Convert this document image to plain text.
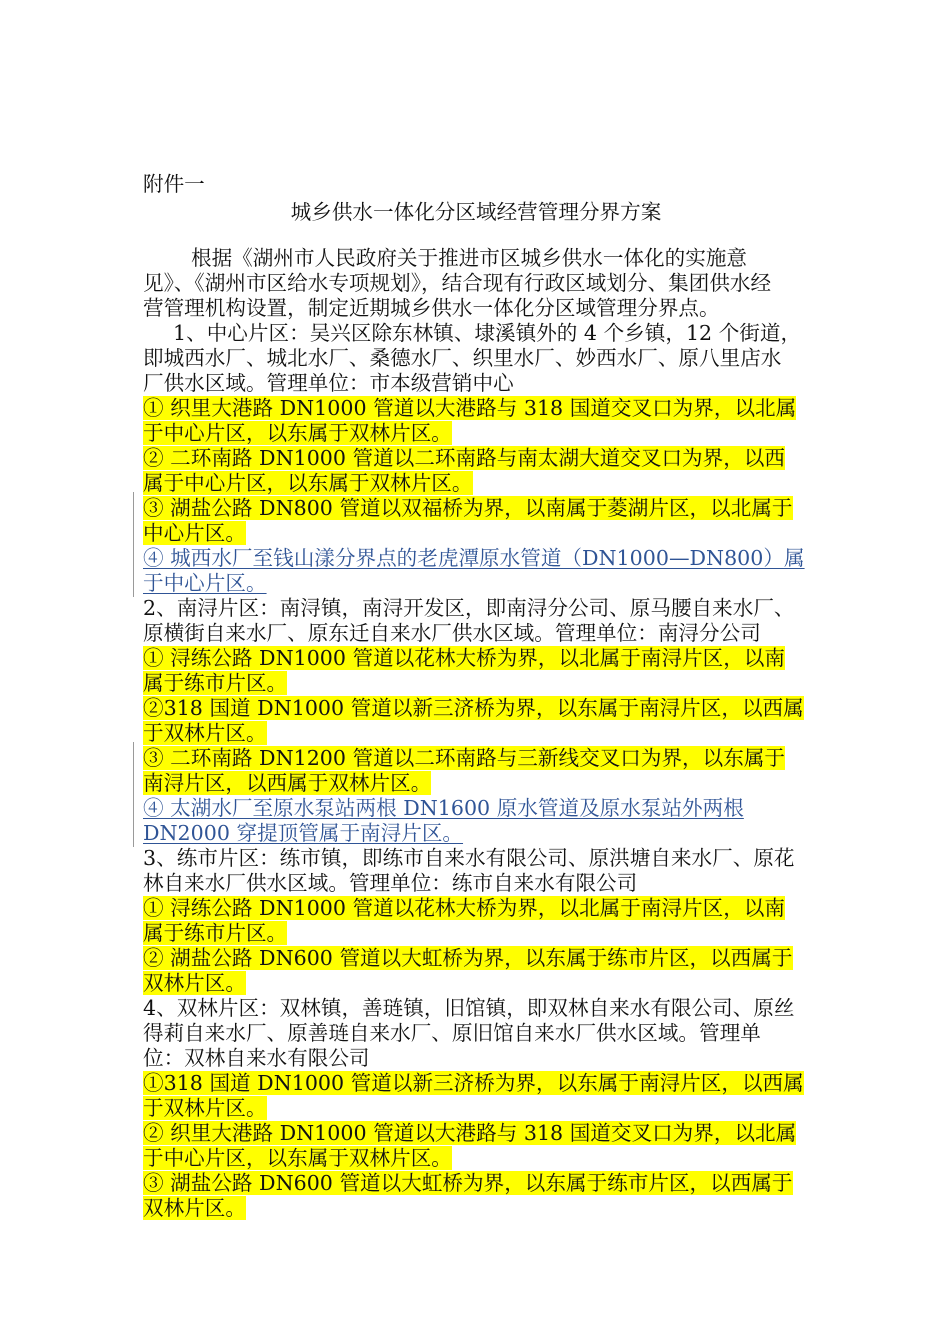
附件一
城乡供水一体化分区域经营管理分界方案
根据《湖州市人民政府关于推进市区城乡供水一体化的实施意
见》、《湖州市区给水专项规划》，结合现有行政区域划分、集团供水经
营管理机构设置，制定近期城乡供水一体化分区域管理分界点。
1、中心片区：吴兴区除东林镇、埭溪镇外的 4 个乡镇，12 个街道，
即城西水厂、城北水厂、桑德水厂、织里水厂、妙西水厂、原八里店水
厂供水区域。管理单位：市本级营销中心
① 织里大港路 DN1000 管道以大港路与 318 国道交叉口为界，以北属
于中心片区，以东属于双林片区。
② 二环南路 DN1000 管道以二环南路与南太湖大道交叉口为界，以西
属于中心片区，以东属于双林片区。
③ 湖盐公路 DN800 管道以双福桥为界，以南属于菱湖片区，以北属于
中心片区。
④ 城西水厂至钱山漾分界点的老虎潭原水管道（DN1000—DN800）属
于中心片区。
2、南浔片区：南浔镇，南浔开发区，即南浔分公司、原马腰自来水厂、
原横街自来水厂、原东迁自来水厂供水区域。管理单位：南浔分公司
① 浔练公路 DN1000 管道以花林大桥为界，以北属于南浔片区，以南
属于练市片区。
②318 国道 DN1000 管道以新三济桥为界，以东属于南浔片区，以西属
于双林片区。
③ 二环南路 DN1200 管道以二环南路与三新线交叉口为界，以东属于
南浔片区，以西属于双林片区。
④ 太湖水厂至原水泵站两根 DN1600 原水管道及原水泵站外两根
DN2000 穿提顶管属于南浔片区。
3、练市片区：练市镇，即练市自来水有限公司、原洪塘自来水厂、原花
林自来水厂供水区域。管理单位：练市自来水有限公司
① 浔练公路 DN1000 管道以花林大桥为界，以北属于南浔片区，以南
属于练市片区。
② 湖盐公路 DN600 管道以大虹桥为界，以东属于练市片区，以西属于
双林片区。
4、双林片区：双林镇，善琏镇，旧馆镇，即双林自来水有限公司、原丝
得莉自来水厂、原善琏自来水厂、原旧馆自来水厂供水区域。管理单
位：双林自来水有限公司
①318 国道 DN1000 管道以新三济桥为界，以东属于南浔片区，以西属
于双林片区。
② 织里大港路 DN1000 管道以大港路与 318 国道交叉口为界，以北属
于中心片区，以东属于双林片区。
③ 湖盐公路 DN600 管道以大虹桥为界，以东属于练市片区，以西属于
双林片区。
